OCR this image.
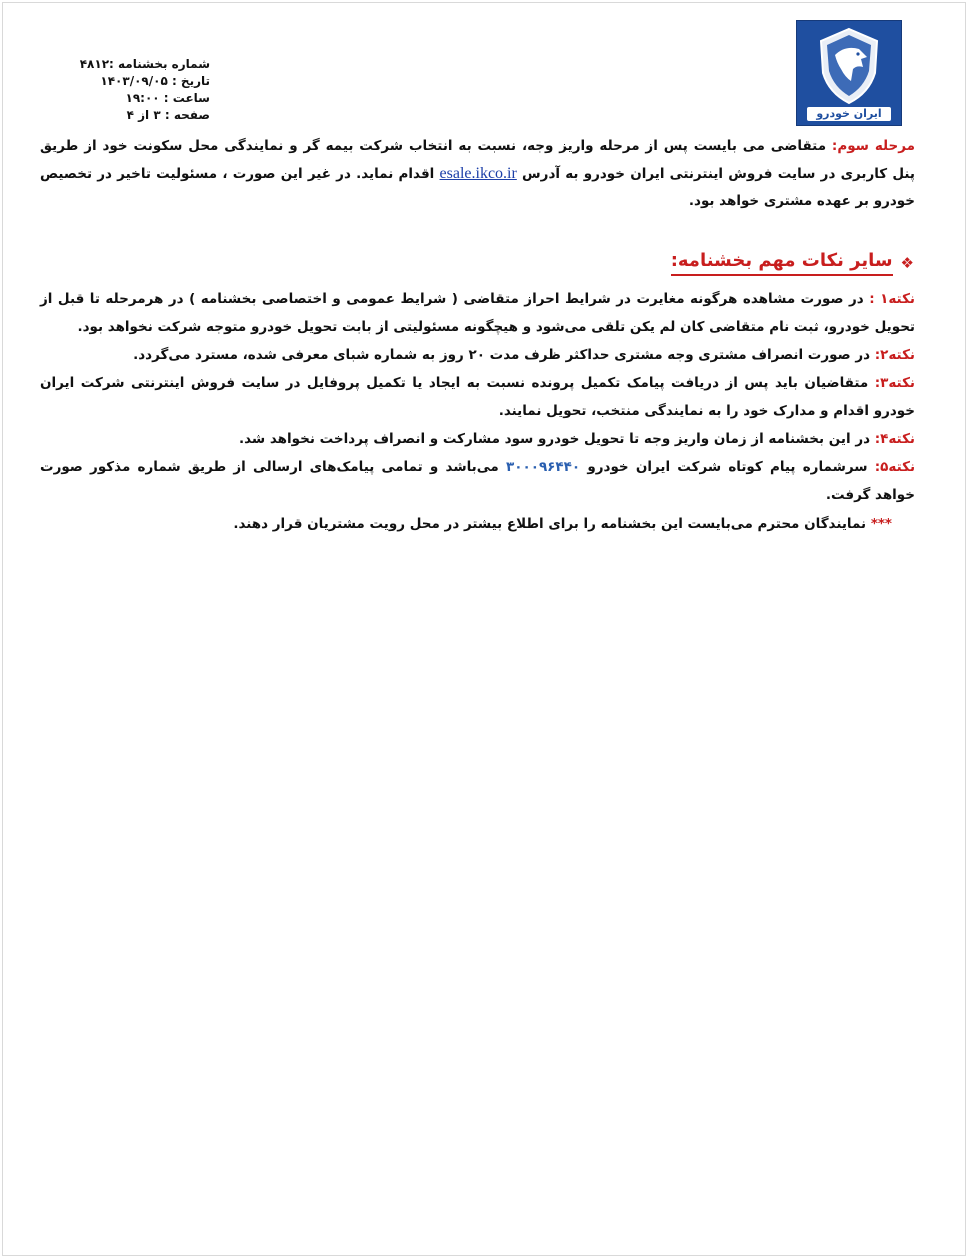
شماره بخشنامه :۴۸۱۲
تاریخ : ۱۴۰۳/۰۹/۰۵
ساعت : ۱۹:۰۰
صفحه : ۳ از ۴	ایران خودرو
مرحله سوم: متقاضی می بایست پس از مرحله واریز وجه، نسبت به انتخاب شرکت بیمه گر و نمایندگی محل سکونت خود از طریق پنل کاربری در سایت فروش اینترنتی ایران خودرو به آدرس esale.ikco.ir اقدام نماید. در غیر این صورت ، مسئولیت تاخیر در تخصیص خودرو بر عهده مشتری خواهد بود.
❖
سایر نکات مهم بخشنامه:
نکته۱ : در صورت مشاهده هرگونه مغایرت در شرایط احراز متقاضی ( شرایط عمومی و اختصاصی بخشنامه ) در هرمرحله تا قبل از تحویل خودرو، ثبت نام متقاضی کان لم یکن تلقی می‌شود و هیچگونه مسئولیتی از بابت تحویل خودرو متوجه شرکت نخواهد بود.
نکته۲: در صورت انصراف مشتری وجه مشتری حداکثر ظرف مدت ۲۰ روز به شماره شبای معرفی شده، مسترد می‌گردد.
نکته۳: متقاضیان باید پس از دریافت پیامک تکمیل پرونده نسبت به ایجاد یا تکمیل پروفایل در سایت فروش اینترنتی شرکت ایران خودرو اقدام و مدارک خود را به نمایندگی منتخب، تحویل نمایند.
نکته۴: در این بخشنامه از زمان واریز وجه تا تحویل خودرو سود مشارکت و انصراف پرداخت نخواهد شد.
نکته۵: سرشماره پیام کوتاه شرکت ایران خودرو ۳۰۰۰۹۶۴۴۰ می‌باشد و تمامی پیامک‌های ارسالی از طریق شماره مذکور صورت خواهد گرفت.
*** نمایندگان محترم می‌بایست این بخشنامه را برای اطلاع بیشتر در محل رویت مشتریان قرار دهند.
